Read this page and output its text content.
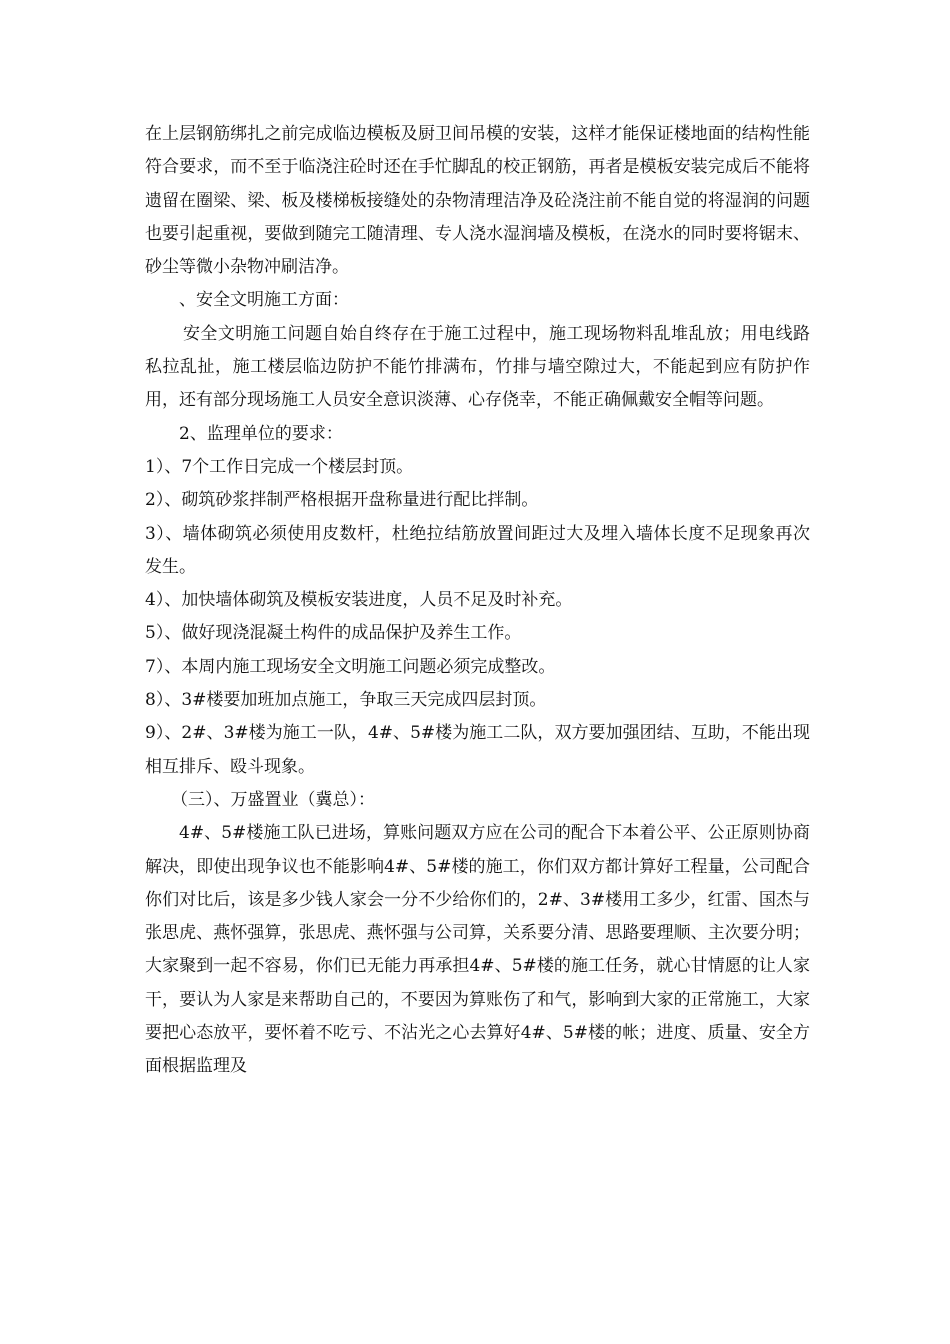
在上层钢筋绑扎之前完成临边模板及厨卫间吊模的安装，这样才能保证楼地面的结构性能符合要求，而不至于临浇注砼时还在手忙脚乱的校正钢筋，再者是模板安装完成后不能将遗留在圈梁、梁、板及楼梯板接缝处的杂物清理洁净及砼浇注前不能自觉的将湿润的问题也要引起重视，要做到随完工随清理、专人浇水湿润墙及模板，在浇水的同时要将锯末、砂尘等微小杂物冲刷洁净。

、安全文明施工方面：

安全文明施工问题自始自终存在于施工过程中，施工现场物料乱堆乱放；用电线路私拉乱扯，施工楼层临边防护不能竹排满布，竹排与墙空隙过大，不能起到应有防护作用，还有部分现场施工人员安全意识淡薄、心存侥幸，不能正确佩戴安全帽等问题。

2、监理单位的要求：

1）、7个工作日完成一个楼层封顶。

2）、砌筑砂浆拌制严格根据开盘称量进行配比拌制。

3）、墙体砌筑必须使用皮数杆，杜绝拉结筋放置间距过大及埋入墙体长度不足现象再次发生。

4）、加快墙体砌筑及模板安装进度，人员不足及时补充。

5）、做好现浇混凝土构件的成品保护及养生工作。

7）、本周内施工现场安全文明施工问题必须完成整改。

8）、3#楼要加班加点施工，争取三天完成四层封顶。

9）、2#、3#楼为施工一队，4#、5#楼为施工二队，双方要加强团结、互助，不能出现相互排斥、殴斗现象。

（三）、万盛置业（冀总）：

4#、5#楼施工队已进场，算账问题双方应在公司的配合下本着公平、公正原则协商解决，即使出现争议也不能影响4#、5#楼的施工，你们双方都计算好工程量，公司配合你们对比后，该是多少钱人家会一分不少给你们的，2#、3#楼用工多少，红雷、国杰与张思虎、燕怀强算，张思虎、燕怀强与公司算，关系要分清、思路要理顺、主次要分明；大家聚到一起不容易，你们已无能力再承担4#、5#楼的施工任务，就心甘情愿的让人家干，要认为人家是来帮助自己的，不要因为算账伤了和气，影响到大家的正常施工，大家要把心态放平，要怀着不吃亏、不沾光之心去算好4#、5#楼的帐；进度、质量、安全方面根据监理及
